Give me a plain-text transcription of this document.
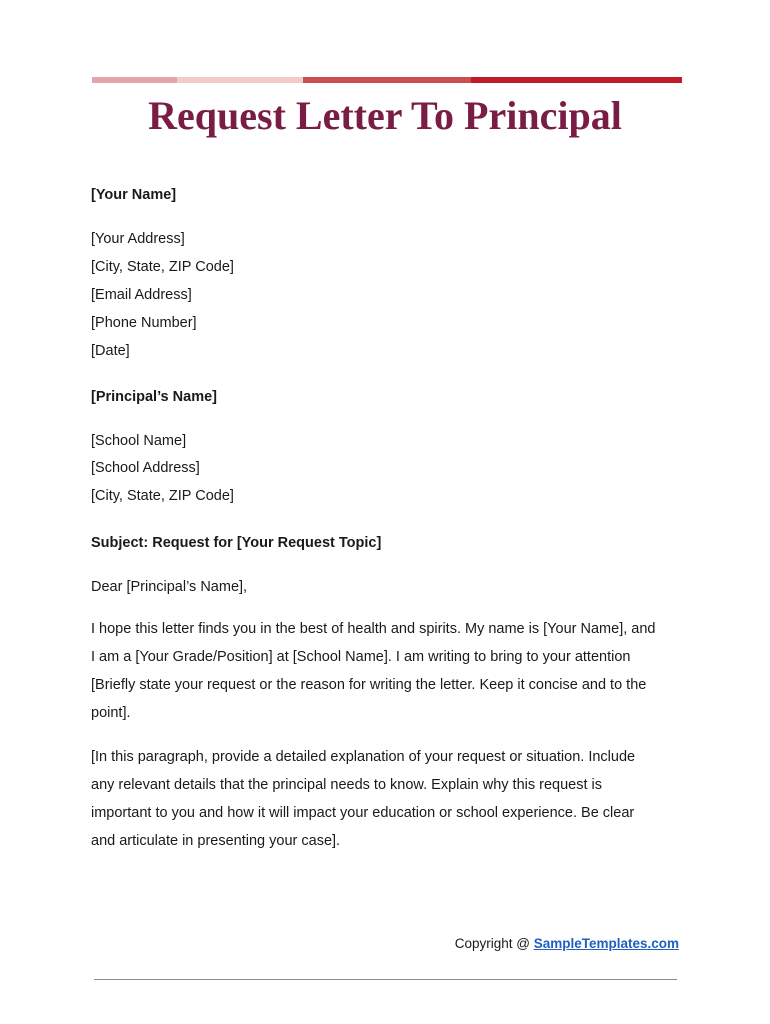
Request Letter To Principal

[Your Name]

[Your Address]

[City, State, ZIP Code]

[Email Address]

[Phone Number]

[Date]

[Principal’s Name]

[School Name]

[School Address]

[City, State, ZIP Code]

Subject: Request for [Your Request Topic]

Dear [Principal’s Name],

I hope this letter finds you in the best of health and spirits. My name is [Your Name], and
I am a [Your Grade/Position] at [School Name]. I am writing to bring to your attention
[Briefly state your request or the reason for writing the letter. Keep it concise and to the
point].
[In this paragraph, provide a detailed explanation of your request or situation. Include
any relevant details that the principal needs to know. Explain why this request is
important to you and how it will impact your education or school experience. Be clear
and articulate in presenting your case].
Copyright @ SampleTemplates.com
